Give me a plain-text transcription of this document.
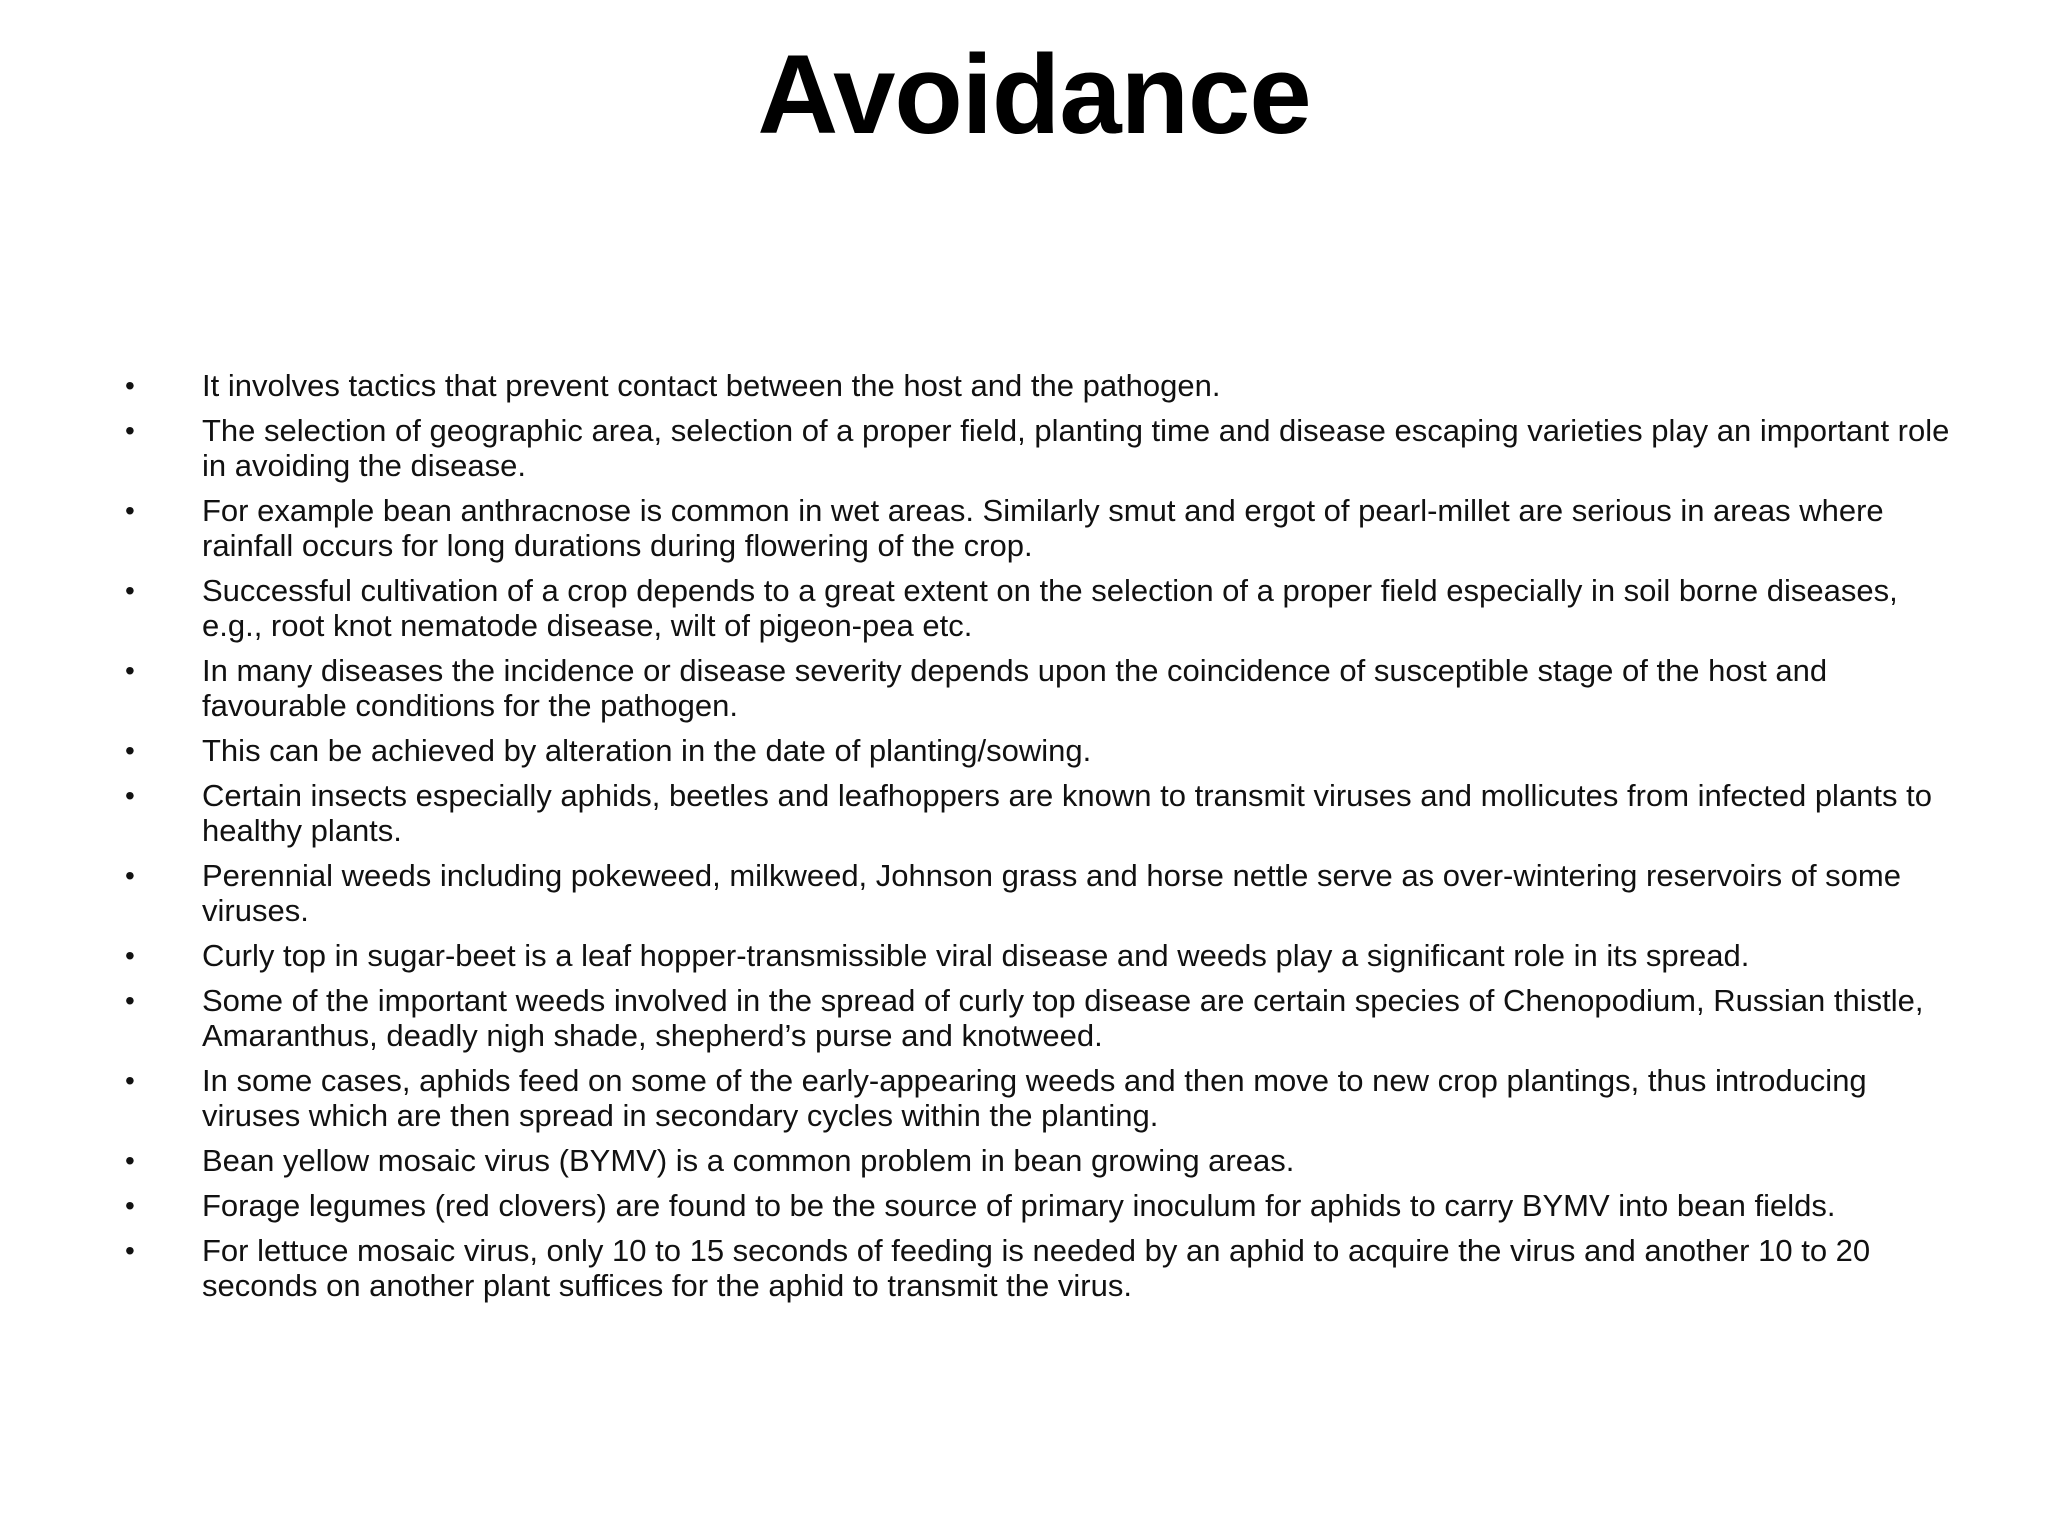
Avoidance
• It involves tactics that prevent contact between the host and the pathogen.
• The selection of geographic area, selection of a proper field, planting time and disease escaping varieties play an important role in avoiding the disease.
• For example bean anthracnose is common in wet areas. Similarly smut and ergot of pearl-millet are serious in areas where rainfall occurs for long durations during flowering of the crop.
• Successful cultivation of a crop depends to a great extent on the selection of a proper field especially in soil borne diseases, e.g., root knot nematode disease, wilt of pigeon-pea etc.
• In many diseases the incidence or disease severity depends upon the coincidence of susceptible stage of the host and favourable conditions for the pathogen.
• This can be achieved by alteration in the date of planting/sowing.
• Certain insects especially aphids, beetles and leafhoppers are known to transmit viruses and mollicutes from infected plants to healthy plants.
• Perennial weeds including pokeweed, milkweed, Johnson grass and horse nettle serve as over-wintering reservoirs of some viruses.
• Curly top in sugar-beet is a leaf hopper-transmissible viral disease and weeds play a significant role in its spread.
• Some of the important weeds involved in the spread of curly top disease are certain species of Chenopodium, Russian thistle, Amaranthus, deadly nigh shade, shepherd’s purse and knotweed.
• In some cases, aphids feed on some of the early-appearing weeds and then move to new crop plantings, thus introducing viruses which are then spread in secondary cycles within the planting.
• Bean yellow mosaic virus (BYMV) is a common problem in bean growing areas.
• Forage legumes (red clovers) are found to be the source of primary inoculum for aphids to carry BYMV into bean fields.
• For lettuce mosaic virus, only 10 to 15 seconds of feeding is needed by an aphid to acquire the virus and another 10 to 20 seconds on another plant suffices for the aphid to transmit the virus.
